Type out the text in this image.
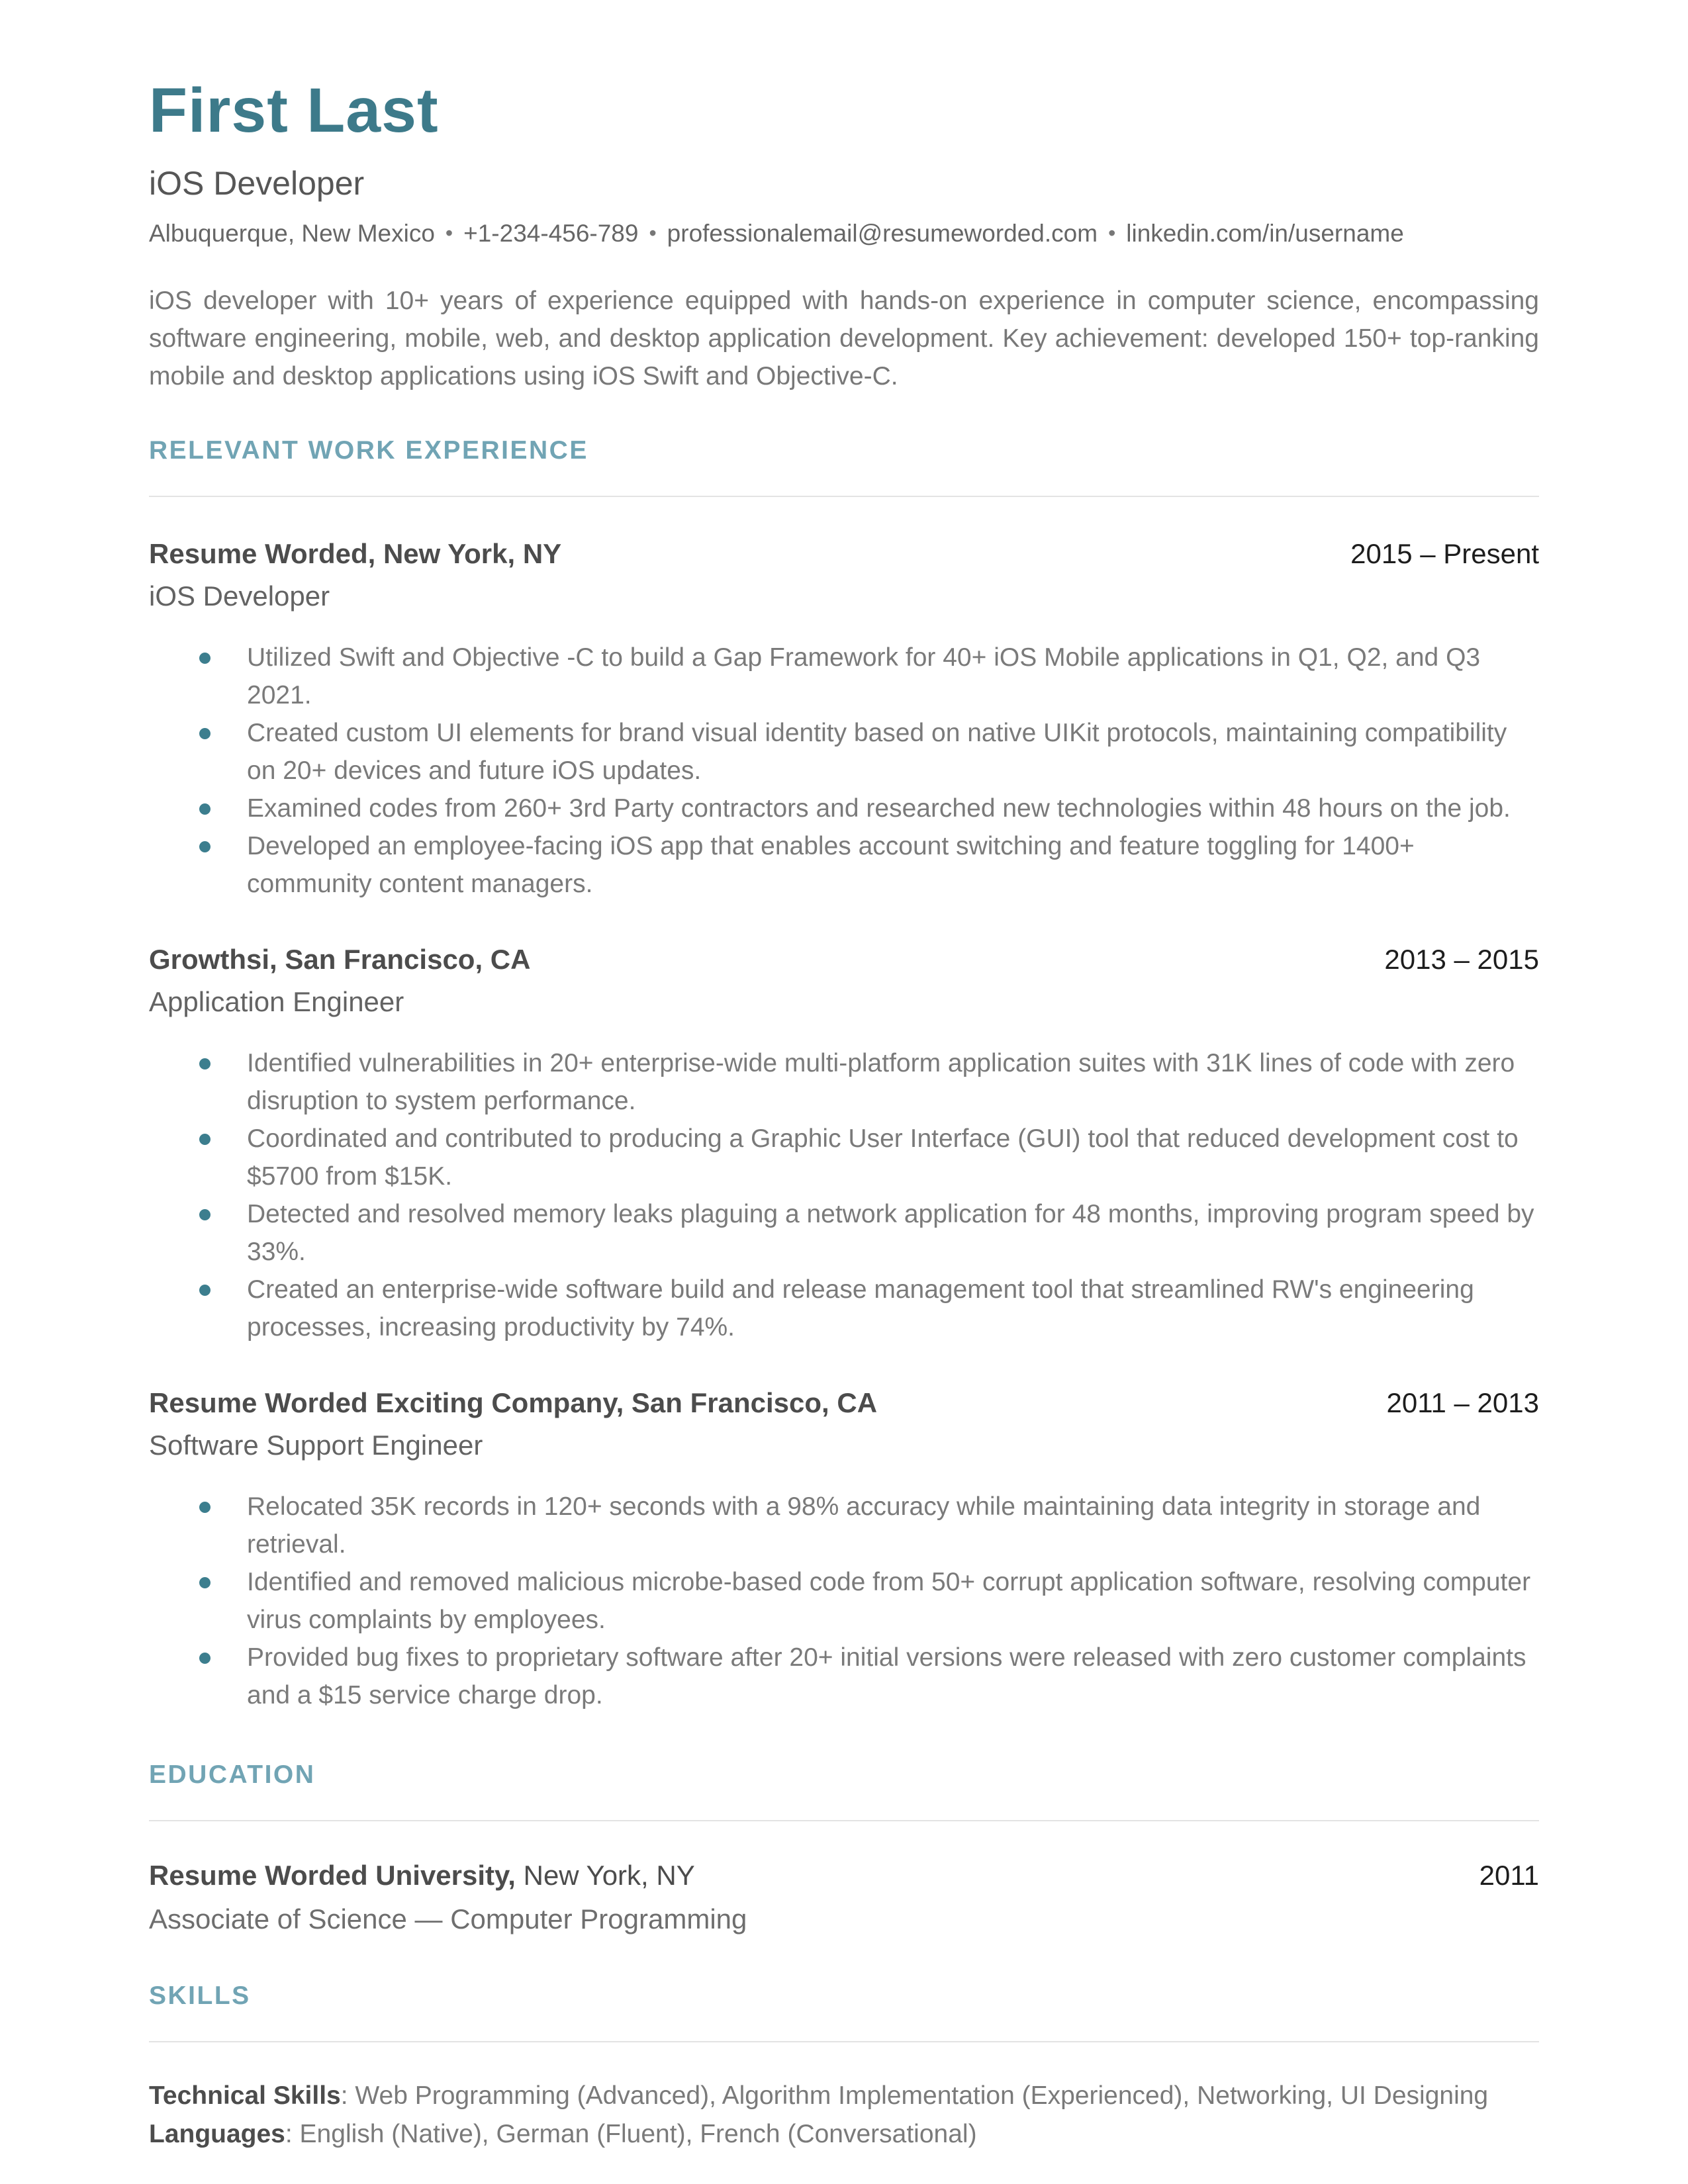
First Last
iOS Developer
Albuquerque, New Mexico • +1-234-456-789 • professionalemail@resumeworded.com • linkedin.com/in/username

iOS developer with 10+ years of experience equipped with hands-on experience in computer science, encompassing software engineering, mobile, web, and desktop application development. Key achievement: developed 150+ top-ranking mobile and desktop applications using iOS Swift and Objective-C.

RELEVANT WORK EXPERIENCE
Resume Worded, New York, NY	2015 – Present
iOS Developer
Utilized Swift and Objective -C to build a Gap Framework for 40+ iOS Mobile applications in Q1, Q2, and Q3 2021.
Created custom UI elements for brand visual identity based on native UIKit protocols, maintaining compatibility on 20+ devices and future iOS updates.
Examined codes from 260+ 3rd Party contractors and researched new technologies within 48 hours on the job.
Developed an employee-facing iOS app that enables account switching and feature toggling for 1400+ community content managers.
Growthsi, San Francisco, CA	2013 – 2015
Application Engineer
Identified vulnerabilities in 20+ enterprise-wide multi-platform application suites with 31K lines of code with zero disruption to system performance.
Coordinated and contributed to producing a Graphic User Interface (GUI) tool that reduced development cost to $5700 from $15K.
Detected and resolved memory leaks plaguing a network application for 48 months, improving program speed by 33%.
Created an enterprise-wide software build and release management tool that streamlined RW's engineering processes, increasing productivity by 74%.
Resume Worded Exciting Company, San Francisco, CA	2011 – 2013
Software Support Engineer
Relocated 35K records in 120+ seconds with a 98% accuracy while maintaining data integrity in storage and retrieval.
Identified and removed malicious microbe-based code from 50+ corrupt application software, resolving computer virus complaints by employees.
Provided bug fixes to proprietary software after 20+ initial versions were released with zero customer complaints and a $15 service charge drop.
EDUCATION
Resume Worded University, New York, NY	2011
Associate of Science — Computer Programming
SKILLS

Technical Skills: Web Programming (Advanced), Algorithm Implementation (Experienced), Networking, UI Designing

Languages: English (Native), German (Fluent), French (Conversational)
